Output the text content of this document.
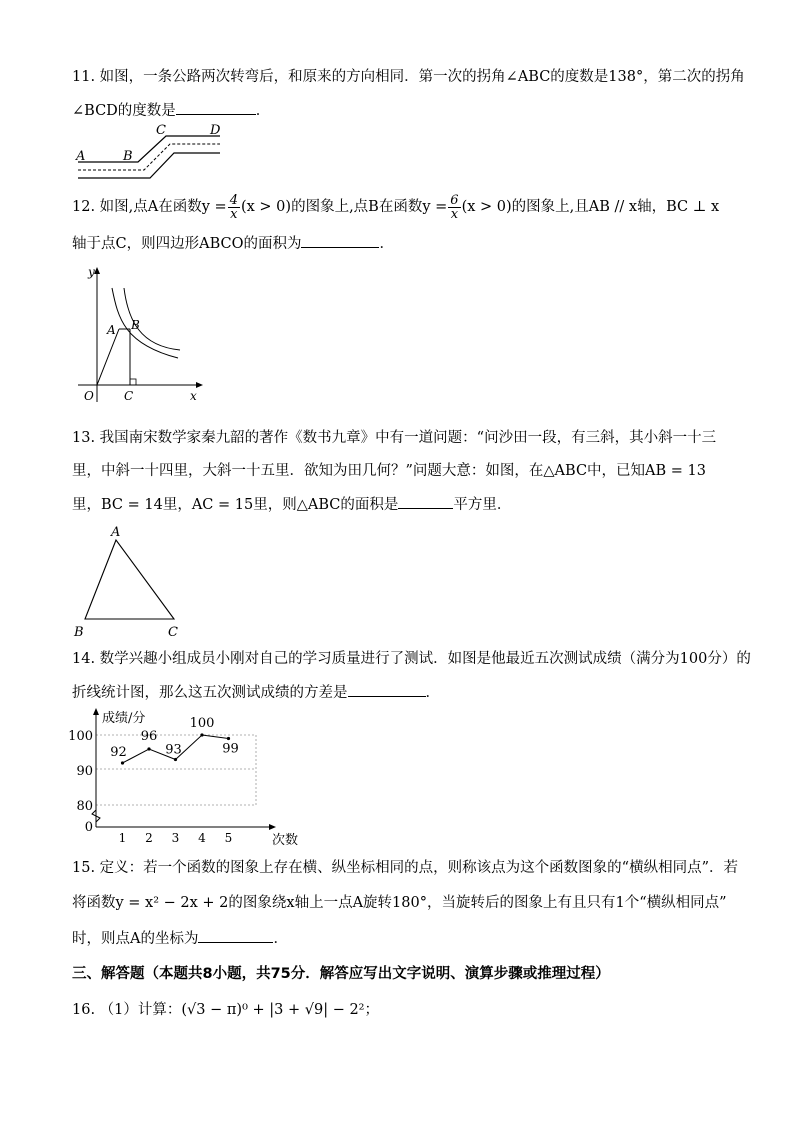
11. 如图，一条公路两次转弯后，和原来的方向相同．第一次的拐角∠ABC的度数是138°，第二次的拐角
∠BCD的度数是	．
A	B
C	D
12. 如图,点A在函数$y = \frac{4}{x} (x > 0)$的图象上,点B在函数$y = \frac{6}{x} (x > 0)$的图象上,且AB // x轴，BC ⊥ x
轴于点C，则四边形ABCO的面积为	．
y
x
O
A B
C
13. 我国南宋数学家秦九韶的著作《数书九章》中有一道问题：“问沙田一段，有三斜，其小斜一十三
里，中斜一十四里，大斜一十五里．欲知为田几何？”问题大意：如图，在△ABC中，已知AB = 13
里，BC = 14里，AC = 15里，则△ABC的面积是	平方里．
A
B	C
14. 数学兴趣小组成员小刚对自己的学习质量进行了测试．如图是他最近五次测试成绩（满分为100分）的
折线统计图，那么这五次测试成绩的方差是	．
成绩/分
次数
0
80
90
100
1 2 3 4 5
92
96
93
100
99
15. 定义：若一个函数的图象上存在横、纵坐标相同的点，则称该点为这个函数图象的“横纵相同点”．若
将函数y = x² − 2x + 2的图象绕x轴上一点A旋转180°，当旋转后的图象上有且只有1个“横纵相同点”
时，则点A的坐标为	．
三、解答题（本题共8小题，共75分．解答应写出文字说明、演算步骤或推理过程）
16. （1）计算：(√3 − π)⁰ + |3 + √9| − 2²；
